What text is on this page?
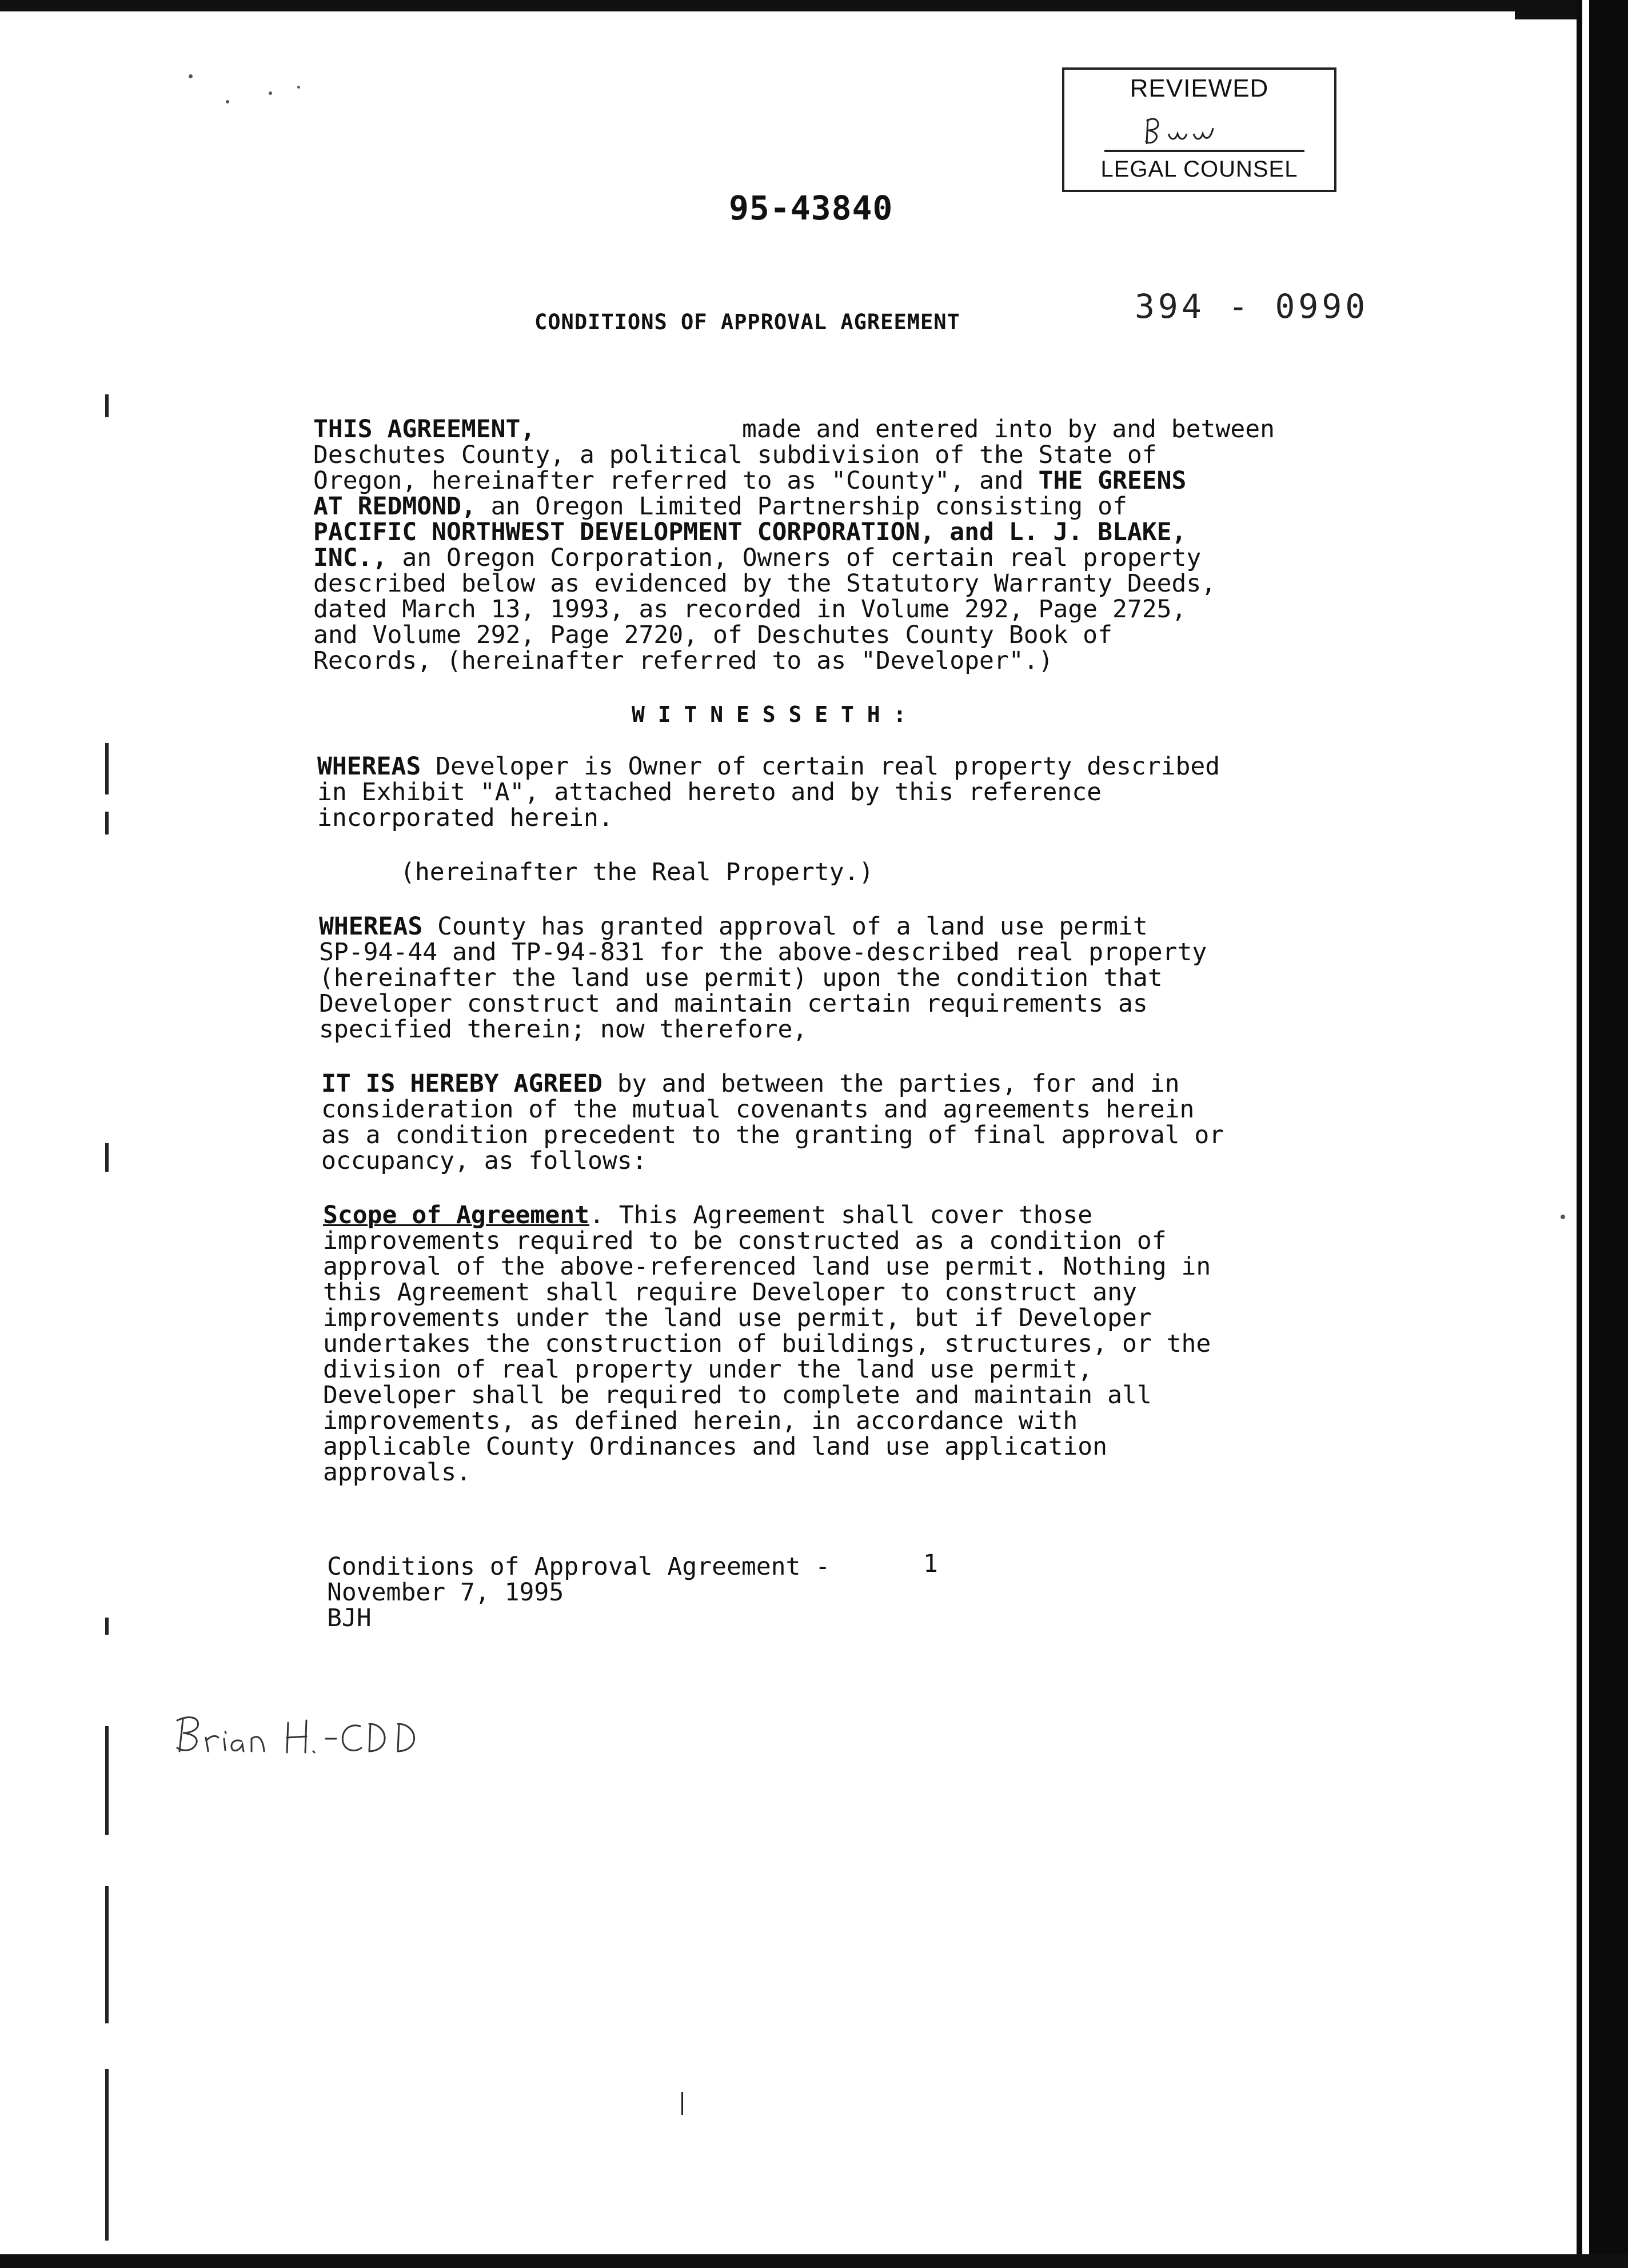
REVIEWED
LEGAL COUNSEL
95-43840
394 - 0990
CONDITIONS OF APPROVAL AGREEMENT
THIS AGREEMENT,	made and entered into by and between
Deschutes County, a political subdivision of the State of
Oregon, hereinafter referred to as "County", and THE GREENS
AT REDMOND, an Oregon Limited Partnership consisting of
PACIFIC NORTHWEST DEVELOPMENT CORPORATION, and L. J. BLAKE,
INC., an Oregon Corporation, Owners of certain real property
described below as evidenced by the Statutory Warranty Deeds,
dated March 13, 1993, as recorded in Volume 292, Page 2725,
and Volume 292, Page 2720, of Deschutes County Book of
Records, (hereinafter referred to as "Developer".)
W I T N E S S E T H :
WHEREAS Developer is Owner of certain real property described
in Exhibit "A", attached hereto and by this reference
incorporated herein.
(hereinafter the Real Property.)
WHEREAS County has granted approval of a land use permit
SP-94-44 and TP-94-831 for the above-described real property
(hereinafter the land use permit) upon the condition that
Developer construct and maintain certain requirements as
specified therein; now therefore,
IT IS HEREBY AGREED by and between the parties, for and in
consideration of the mutual covenants and agreements herein
as a condition precedent to the granting of final approval or
occupancy, as follows:
Scope of Agreement. This Agreement shall cover those
improvements required to be constructed as a condition of
approval of the above-referenced land use permit. Nothing in
this Agreement shall require Developer to construct any
improvements under the land use permit, but if Developer
undertakes the construction of buildings, structures, or the
division of real property under the land use permit,
Developer shall be required to complete and maintain all
improvements, as defined herein, in accordance with
applicable County Ordinances and land use application
approvals.
Conditions of Approval Agreement -	1
November 7, 1995
BJH
